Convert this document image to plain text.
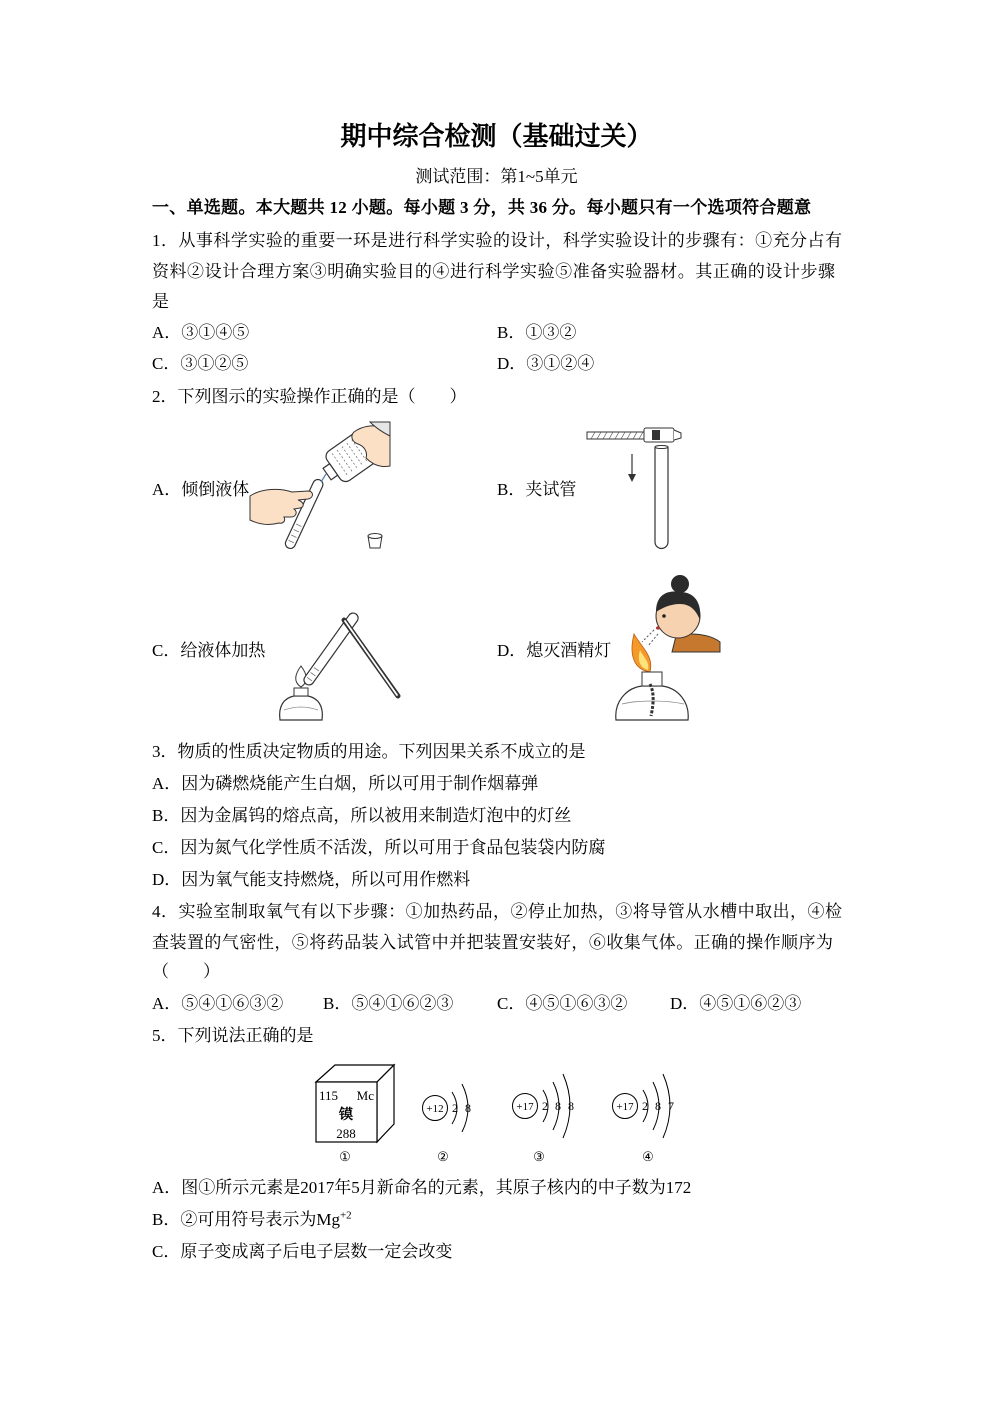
期中综合检测（基础过关）
测试范围：第1~5单元
一、单选题。本大题共 12 小题。每小题 3 分，共 36 分。每小题只有一个选项符合题意
1．从事科学实验的重要一环是进行科学实验的设计，科学实验设计的步骤有：①充分占有
资料②设计合理方案③明确实验目的④进行科学实验⑤准备实验器材。其正确的设计步骤
是
A．③①④⑤	B．①③②
C．③①②⑤	D．③①②④
2．下列图示的实验操作正确的是（　　）
A．倾倒液体	B．夹试管
C．给液体加热	D．熄灭酒精灯
3．物质的性质决定物质的用途。下列因果关系不成立的是
A．因为磷燃烧能产生白烟，所以可用于制作烟幕弹
B．因为金属钨的熔点高，所以被用来制造灯泡中的灯丝
C．因为氮气化学性质不活泼，所以可用于食品包装袋内防腐
D．因为氧气能支持燃烧，所以可用作燃料
4．实验室制取氧气有以下步骤：①加热药品，②停止加热，③将导管从水槽中取出，④检
查装置的气密性，⑤将药品装入试管中并把装置安装好，⑥收集气体。正确的操作顺序为
（　　）
A．⑤④①⑥③② B．⑤④①⑥②③	C．④⑤①⑥③②	D．④⑤①⑥②③
5．下列说法正确的是
115 Mc
镆
288
+12 2 8	+17 2 8 8	+17 2 8 7
①	②	③	④
A．图①所示元素是2017年5月新命名的元素，其原子核内的中子数为172
B．②可用符号表示为$Mg^{+2}$
C．原子变成离子后电子层数一定会改变
